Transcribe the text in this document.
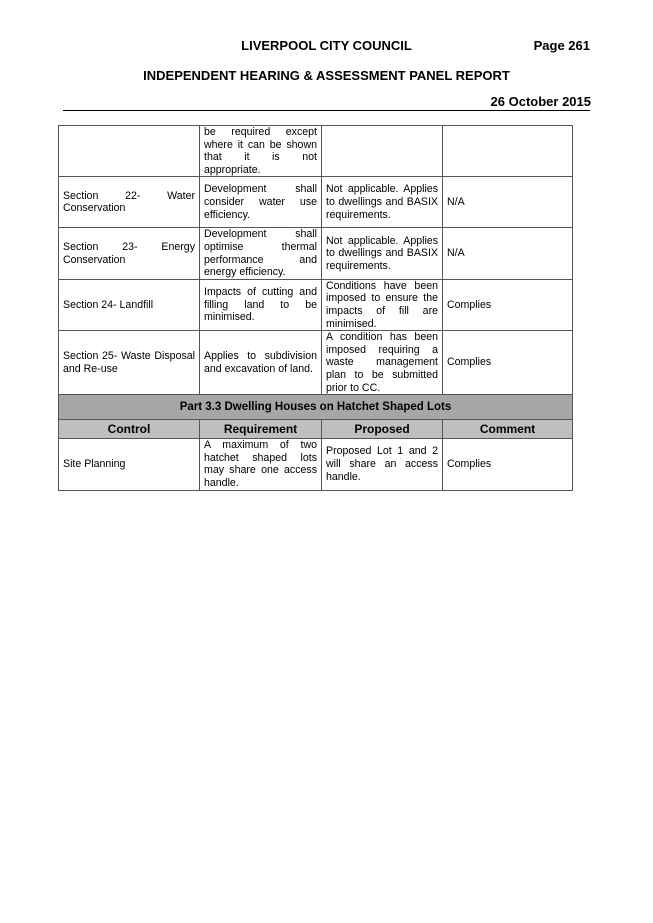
LIVERPOOL CITY COUNCIL	Page 261
INDEPENDENT HEARING & ASSESSMENT PANEL REPORT
26 October 2015
	be required except where it can be shown that it is not appropriate.		
Section 22- Water Conservation	Development shall consider water use efficiency.	Not applicable. Applies to dwellings and BASIX requirements.	N/A
Section 23- Energy Conservation	Development shall optimise thermal performance and energy efficiency.	Not applicable. Applies to dwellings and BASIX requirements.	N/A
Section 24- Landfill	Impacts of cutting and filling land to be minimised.	Conditions have been imposed to ensure the impacts of fill are minimised.	Complies
Section 25- Waste Disposal and Re-use	Applies to subdivision and excavation of land.	A condition has been imposed requiring a waste management plan to be submitted prior to CC.	Complies
Part 3.3 Dwelling Houses on Hatchet Shaped Lots			
Control	Requirement	Proposed	Comment
Site Planning	A maximum of two hatchet shaped lots may share one access handle.	Proposed Lot 1 and 2 will share an access handle.	Complies
